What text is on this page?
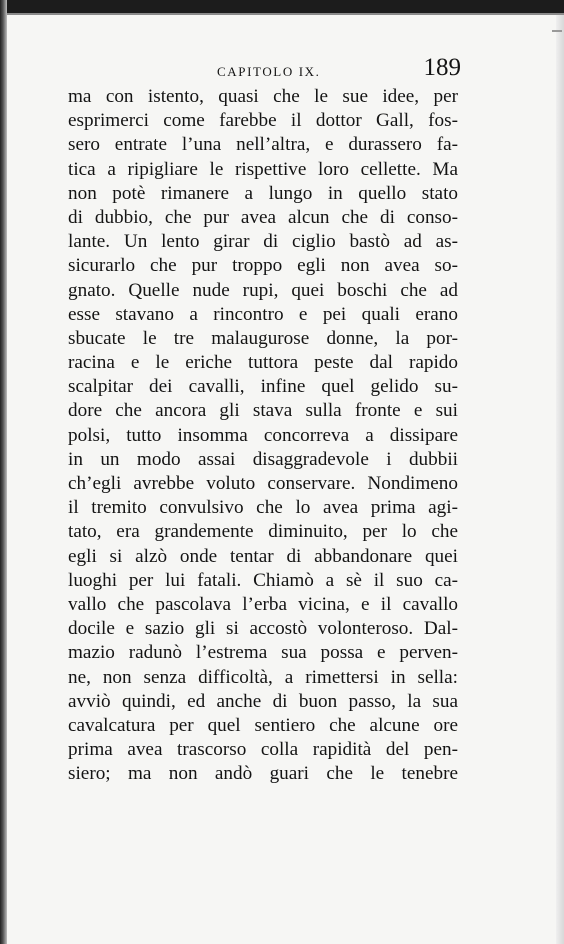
CAPITOLO IX.	189
ma con istento, quasi che le sue idee, per
esprimerci come farebbe il dottor Gall, fos-
sero entrate l’una nell’altra, e durassero fa-
tica a ripigliare le rispettive loro cellette. Ma
non potè rimanere a lungo in quello stato
di dubbio, che pur avea alcun che di conso-
lante. Un lento girar di ciglio bastò ad as-
sicurarlo che pur troppo egli non avea so-
gnato. Quelle nude rupi, quei boschi che ad
esse stavano a rincontro e pei quali erano
sbucate le tre malaugurose donne, la por-
racina e le eriche tuttora peste dal rapido
scalpitar dei cavalli, infine quel gelido su-
dore che ancora gli stava sulla fronte e sui
polsi, tutto insomma concorreva a dissipare
in un modo assai disaggradevole i dubbii
ch’egli avrebbe voluto conservare. Nondimeno
il tremito convulsivo che lo avea prima agi-
tato, era grandemente diminuito, per lo che
egli si alzò onde tentar di abbandonare quei
luoghi per lui fatali. Chiamò a sè il suo ca-
vallo che pascolava l’erba vicina, e il cavallo
docile e sazio gli si accostò volonteroso. Dal-
mazio radunò l’estrema sua possa e perven-
ne, non senza difficoltà, a rimettersi in sella:
avviò quindi, ed anche di buon passo, la sua
cavalcatura per quel sentiero che alcune ore
prima avea trascorso colla rapidità del pen-
siero; ma non andò guari che le tenebre
